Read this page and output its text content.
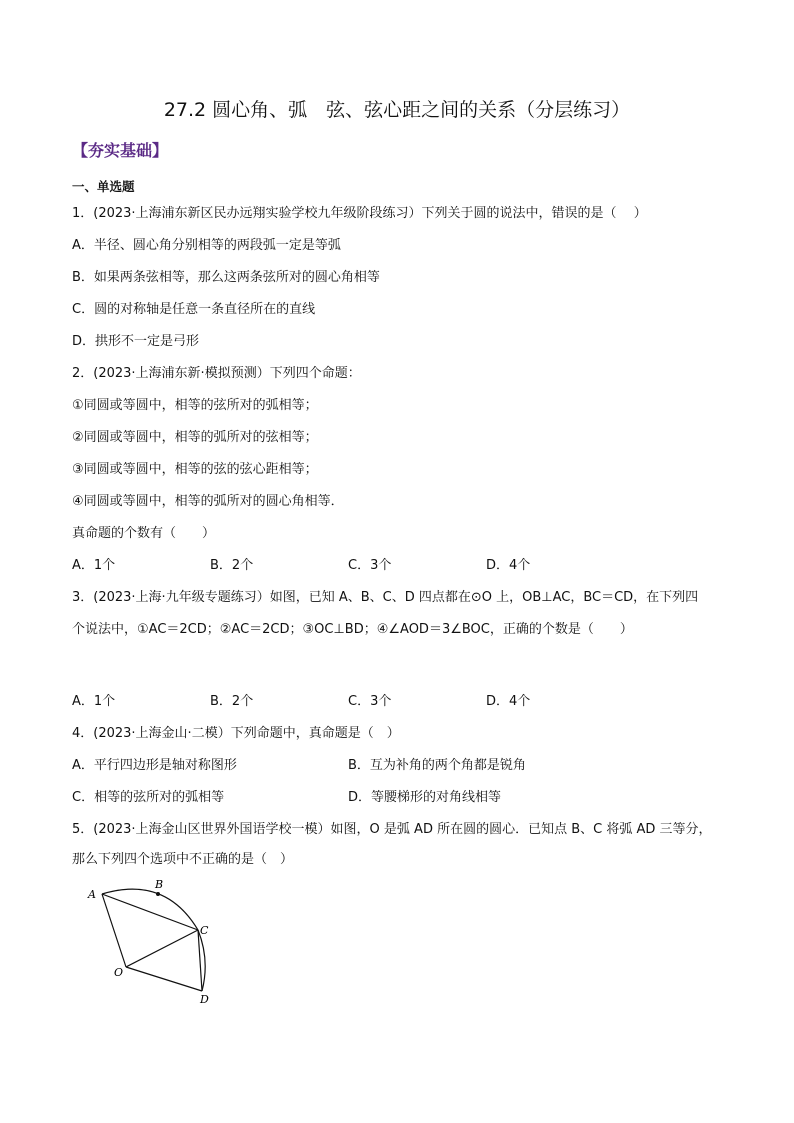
27.2 圆心角、弧　弦、弦心距之间的关系（分层练习）
【夯实基础】
一、单选题
1．(2023·上海浦东新区民办远翔实验学校九年级阶段练习）下列关于圆的说法中，错误的是（　 ）
A．半径、圆心角分别相等的两段弧一定是等弧
B．如果两条弦相等，那么这两条弦所对的圆心角相等
C．圆的对称轴是任意一条直径所在的直线
D．拱形不一定是弓形
2．(2023·上海浦东新·模拟预测）下列四个命题：
①同圆或等圆中，相等的弦所对的弧相等；
②同圆或等圆中，相等的弧所对的弦相等；
③同圆或等圆中，相等的弦的弦心距相等；
④同圆或等圆中，相等的弧所对的圆心角相等．
真命题的个数有（　　）
A．1个	B．2个	C．3个	D．4个
3．(2023·上海·九年级专题练习）如图，已知 A、B、C、D 四点都在⊙O 上，OB⊥AC，BC＝CD，在下列四
个说法中，①AC＝2CD；②AC＝2CD；③OC⊥BD；④∠AOD＝3∠BOC，正确的个数是（　　）
A．1个	B．2个	C．3个	D．4个
4．(2023·上海金山·二模）下列命题中，真命题是（　）
A．平行四边形是轴对称图形	B．互为补角的两个角都是锐角
C．相等的弦所对的弧相等	D．等腰梯形的对角线相等
5．(2023·上海金山区世界外国语学校一模）如图，O 是弧 AD 所在圆的圆心．已知点 B、C 将弧 AD 三等分，
那么下列四个选项中不正确的是（　）
A
B
C
O
D
